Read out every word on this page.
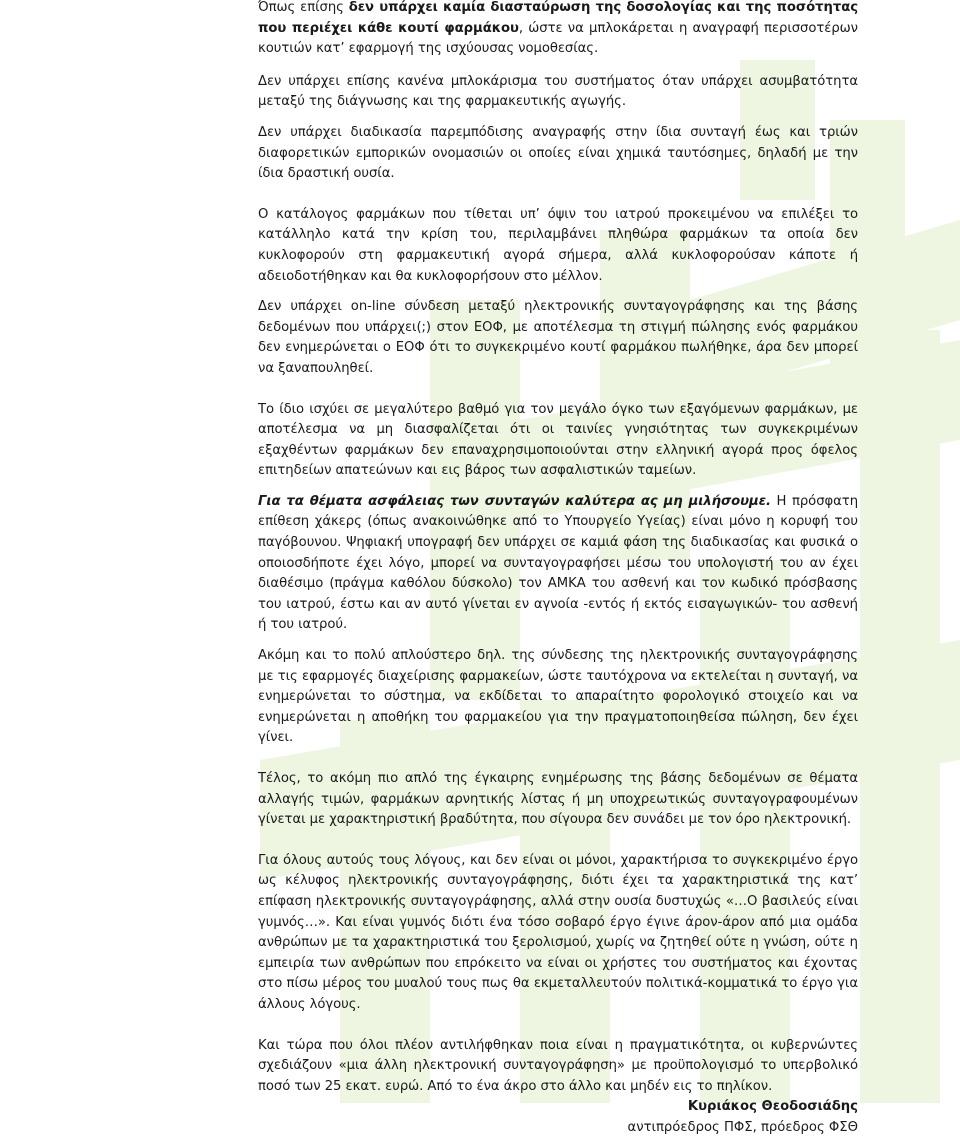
Όπως επίσης δεν υπάρχει καμία διασταύρωση της δοσολογίας και της ποσότητας που περιέχει κάθε κουτί φαρμάκου, ώστε να μπλοκάρεται η αναγραφή περισσοτέρων κουτιών κατ’ εφαρμογή της ισχύουσας νομοθεσίας.

Δεν υπάρχει επίσης κανένα μπλοκάρισμα του συστήματος όταν υπάρχει ασυμβατότητα μεταξύ της διάγνωσης και της φαρμακευτικής αγωγής.

Δεν υπάρχει διαδικασία παρεμπόδισης αναγραφής στην ίδια συνταγή έως και τριών διαφορετικών εμπορικών ονομασιών οι οποίες είναι χημικά ταυτόσημες, δηλαδή με την ίδια δραστική ουσία.

Ο κατάλογος φαρμάκων που τίθεται υπ’ όψιν του ιατρού προκειμένου να επιλέξει το κατάλληλο κατά την κρίση του, περιλαμβάνει πληθώρα φαρμάκων τα οποία δεν κυκλοφορούν στη φαρμακευτική αγορά σήμερα, αλλά κυκλοφορούσαν κάποτε ή αδειοδοτήθηκαν και θα κυκλοφορήσουν στο μέλλον.

Δεν υπάρχει on-line σύνδεση μεταξύ ηλεκτρονικής συνταγογράφησης και της βάσης δεδομένων που υπάρχει(;) στον ΕΟΦ, με αποτέλεσμα τη στιγμή πώλησης ενός φαρμάκου δεν ενημερώνεται ο ΕΟΦ ότι το συγκεκριμένο κουτί φαρμάκου πωλήθηκε, άρα δεν μπορεί να ξαναπουληθεί.

Το ίδιο ισχύει σε μεγαλύτερο βαθμό για τον μεγάλο όγκο των εξαγόμενων φαρμάκων, με αποτέλεσμα να μη διασφαλίζεται ότι οι ταινίες γνησιότητας των συγκεκριμένων εξαχθέντων φαρμάκων δεν επαναχρησιμοποιούνται στην ελληνική αγορά προς όφελος επιτηδείων απατεώνων και εις βάρος των ασφαλιστικών ταμείων.

Για τα θέματα ασφάλειας των συνταγών καλύτερα ας μη μιλήσουμε. Η πρόσφατη επίθεση χάκερς (όπως ανακοινώθηκε από το Υπουργείο Υγείας) είναι μόνο η κορυφή του παγόβουνου. Ψηφιακή υπογραφή δεν υπάρχει σε καμιά φάση της διαδικασίας και φυσικά ο οποιοσδήποτε έχει λόγο, μπορεί να συνταγογραφήσει μέσω του υπολογιστή του αν έχει διαθέσιμο (πράγμα καθόλου δύσκολο) τον ΑΜΚΑ του ασθενή και τον κωδικό πρόσβασης του ιατρού, έστω και αν αυτό γίνεται εν αγνοία -εντός ή εκτός εισαγωγικών- του ασθενή ή του ιατρού.

Ακόμη και το πολύ απλούστερο δηλ. της σύνδεσης της ηλεκτρονικής συνταγογράφησης με τις εφαρμογές διαχείρισης φαρμακείων, ώστε ταυτόχρονα να εκτελείται η συνταγή, να ενημερώνεται το σύστημα, να εκδίδεται το απαραίτητο φορολογικό στοιχείο και να ενημερώνεται η αποθήκη του φαρμακείου για την πραγματοποιηθείσα πώληση, δεν έχει γίνει.

Τέλος, το ακόμη πιο απλό της έγκαιρης ενημέρωσης της βάσης δεδομένων σε θέματα αλλαγής τιμών, φαρμάκων αρνητικής λίστας ή μη υποχρεωτικώς συνταγογραφουμένων γίνεται με χαρακτηριστική βραδύτητα, που σίγουρα δεν συνάδει με τον όρο ηλεκτρονική.

Για όλους αυτούς τους λόγους, και δεν είναι οι μόνοι, χαρακτήρισα το συγκεκριμένο έργο ως κέλυφος ηλεκτρονικής συνταγογράφησης, διότι έχει τα χαρακτηριστικά της κατ’ επίφαση ηλεκτρονικής συνταγογράφησης, αλλά στην ουσία δυστυχώς «…Ο βασιλεύς είναι γυμνός…». Και είναι γυμνός διότι ένα τόσο σοβαρό έργο έγινε άρον-άρον από μια ομάδα ανθρώπων με τα χαρακτηριστικά του ξερολισμού, χωρίς να ζητηθεί ούτε η γνώση, ούτε η εμπειρία των ανθρώπων που επρόκειτο να είναι οι χρήστες του συστήματος και έχοντας στο πίσω μέρος του μυαλού τους πως θα εκμεταλλευτούν πολιτικά-κομματικά το έργο για άλλους λόγους.

Και τώρα που όλοι πλέον αντιλήφθηκαν ποια είναι η πραγματικότητα, οι κυβερνώντες σχεδιάζουν «μια άλλη ηλεκτρονική συνταγογράφηση» με προϋπολογισμό το υπερβολικό ποσό των 25 εκατ. ευρώ. Από το ένα άκρο στο άλλο και μηδέν εις το πηλίκον.

Κυριάκος Θεοδοσιάδης

αντιπρόεδρος ΠΦΣ, πρόεδρος ΦΣΘ
